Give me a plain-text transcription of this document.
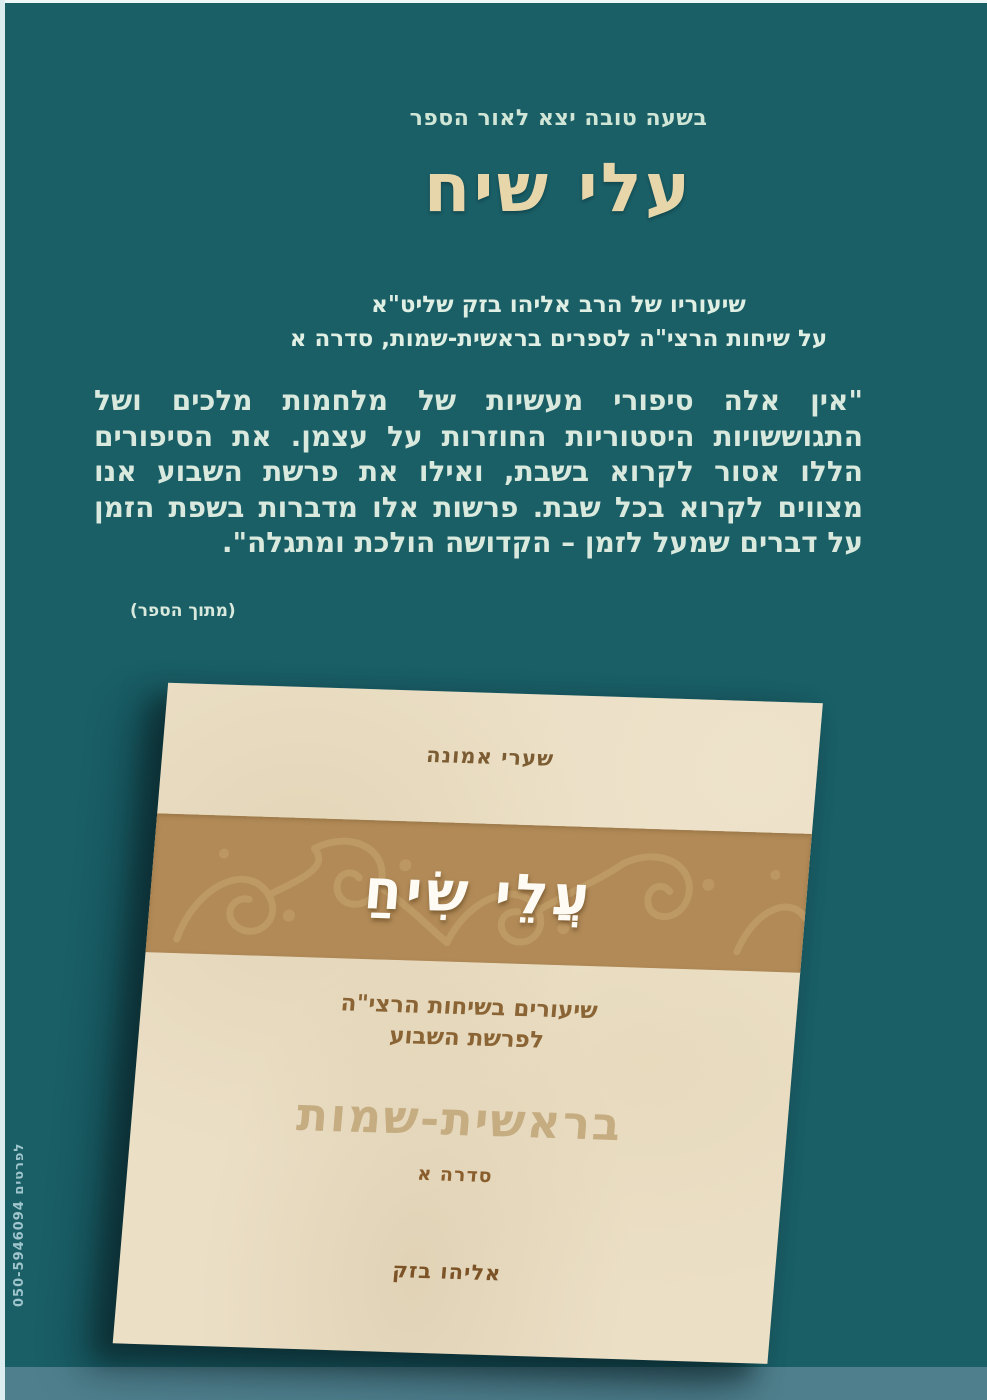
בשעה טובה יצא לאור הספר
עלי שיח
שיעוריו של הרב אליהו בזק שליט"א
על שיחות הרצי"ה לספרים בראשית-שמות, סדרה א
"אין אלה סיפורי מעשיות של מלחמות מלכים ושל התגוששויות היסטוריות החוזרות על עצמן. את הסיפורים הללו אסור לקרוא בשבת, ואילו את פרשת השבוע אנו מצווים לקרוא בכל שבת. פרשות אלו מדברות בשפת הזמן על דברים שמעל לזמן – הקדושה הולכת ומתגלה".
(מתוך הספר)
שערי אמונה
עֲלֵי שִׂיחַ
שיעורים בשיחות הרצי"ה
לפרשת השבוע
בראשית-שמות
סדרה א
אליהו בזק
לפרטים 050-5946094
